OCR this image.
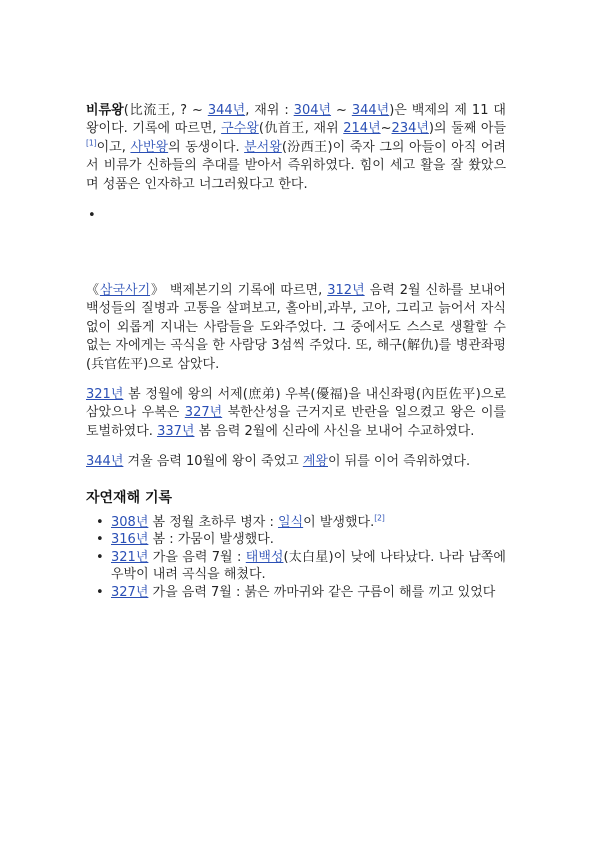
비류왕(比流王, ? ~ 344년, 재위 : 304년 ~ 344년)은 백제의 제 11 대 왕이다. 기록에 따르면, 구수왕(仇首王, 재위 214년~234년)의 둘째 아들[1]이고, 사반왕의 동생이다. 분서왕(汾西王)이 죽자 그의 아들이 아직 어려서 비류가 신하들의 추대를 받아서 즉위하였다. 힘이 세고 활을 잘 쐈았으며 성품은 인자하고 너그러웠다고 한다.

•

《삼국사기》 백제본기의 기록에 따르면, 312년 음력 2월 신하를 보내어 백성들의 질병과 고통을 살펴보고, 홀아비,과부, 고아, 그리고 늙어서 자식없이 외롭게 지내는 사람들을 도와주었다. 그 중에서도 스스로 생활할 수 없는 자에게는 곡식을 한 사람당 3섬씩 주었다. 또, 해구(解仇)를 병관좌평(兵官佐平)으로 삼았다.

321년 봄 정월에 왕의 서제(庶弟) 우복(優福)을 내신좌평(內臣佐平)으로 삼았으나 우복은 327년 북한산성을 근거지로 반란을 일으켰고 왕은 이를 토벌하였다. 337년 봄 음력 2월에 신라에 사신을 보내어 수교하였다.

344년 겨울 음력 10월에 왕이 죽었고 계왕이 뒤를 이어 즉위하였다.

자연재해 기록
• 308년 봄 정월 초하루 병자 : 일식이 발생했다.[2]
• 316년 봄 : 가뭄이 발생했다.
• 321년 가을 음력 7월 : 태백성(太白星)이 낮에 나타났다. 나라 남쪽에 우박이 내려 곡식을 해쳤다.
• 327년 가을 음력 7월 : 붉은 까마귀와 같은 구름이 해를 끼고 있었다
